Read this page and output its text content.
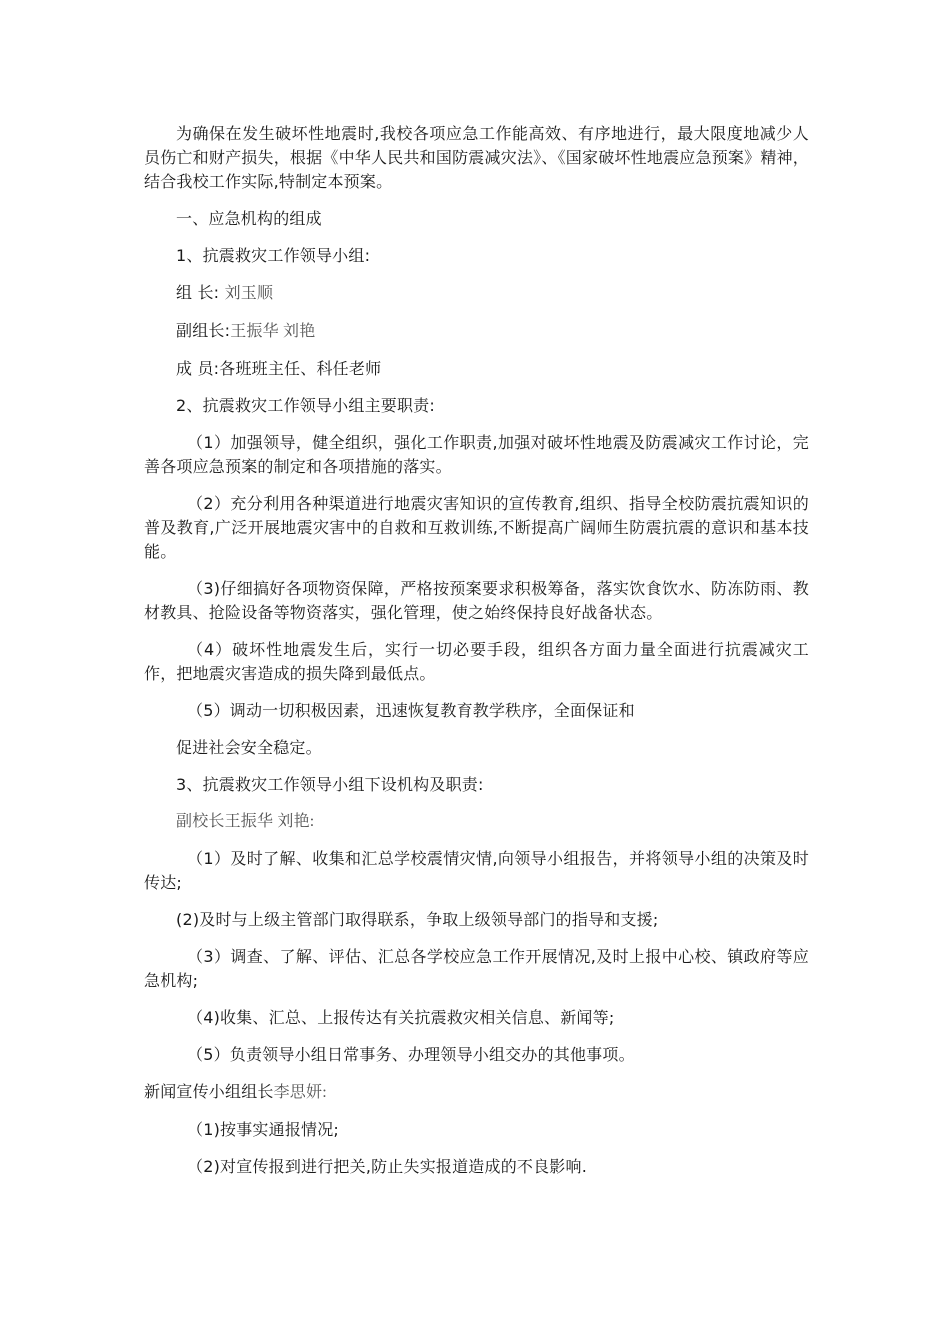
为确保在发生破坏性地震时,我校各项应急工作能高效、有序地进行，最大限度地减少人员伤亡和财产损失，根据《中华人民共和国防震减灾法》、《国家破坏性地震应急预案》精神，结合我校工作实际,特制定本预案。

一、应急机构的组成

1、抗震救灾工作领导小组:

组 长: 刘玉顺

副组长:王振华 刘艳

成 员:各班班主任、科任老师

2、抗震救灾工作领导小组主要职责:

（1）加强领导，健全组织，强化工作职责,加强对破坏性地震及防震减灾工作讨论，完善各项应急预案的制定和各项措施的落实。

（2）充分利用各种渠道进行地震灾害知识的宣传教育,组织、指导全校防震抗震知识的普及教育,广泛开展地震灾害中的自救和互救训练,不断提高广阔师生防震抗震的意识和基本技能。

（3)仔细搞好各项物资保障，严格按预案要求积极筹备，落实饮食饮水、防冻防雨、教材教具、抢险设备等物资落实，强化管理，使之始终保持良好战备状态。

（4）破坏性地震发生后，实行一切必要手段，组织各方面力量全面进行抗震减灾工作，把地震灾害造成的损失降到最低点。

（5）调动一切积极因素，迅速恢复教育教学秩序，全面保证和

促进社会安全稳定。

3、抗震救灾工作领导小组下设机构及职责:

副校长王振华 刘艳:

（1）及时了解、收集和汇总学校震情灾情,向领导小组报告，并将领导小组的决策及时传达;

(2)及时与上级主管部门取得联系，争取上级领导部门的指导和支援;

（3）调查、了解、评估、汇总各学校应急工作开展情况,及时上报中心校、镇政府等应急机构;

（4)收集、汇总、上报传达有关抗震救灾相关信息、新闻等;

（5）负责领导小组日常事务、办理领导小组交办的其他事项。

新闻宣传小组组长李思妍:

（1)按事实通报情况;

（2)对宣传报到进行把关,防止失实报道造成的不良影响.
